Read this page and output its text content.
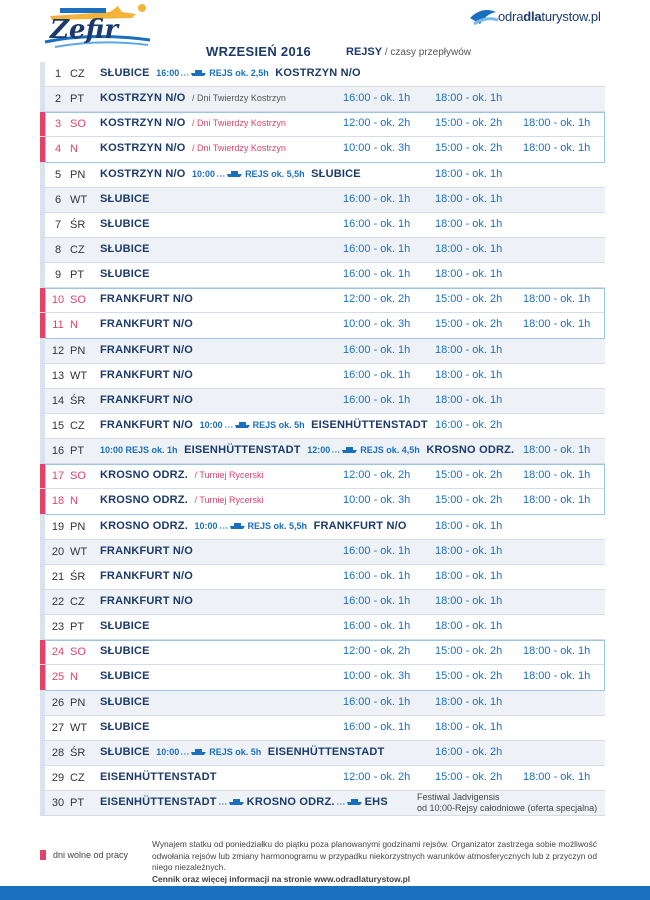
Zefir	odradlaturystow.pl
WRZESIEŃ 2016	REJSY / czasy przepływów
1 CZ	SŁUBICE 16:00	REJS ok. 2,5h KOSTRZYN N/O
2 PT	KOSTRZYN N/O / Dni Twierdzy Kostrzyn	16:00 - ok. 1h 18:00 - ok. 1h
3 SO	KOSTRZYN N/O / Dni Twierdzy Kostrzyn	12:00 - ok. 2h 15:00 - ok. 2h 18:00 - ok. 1h
4 N	KOSTRZYN N/O / Dni Twierdzy Kostrzyn	10:00 - ok. 3h 15:00 - ok. 2h 18:00 - ok. 1h
5 PN	KOSTRZYN N/O 10:00	REJS ok. 5,5h SŁUBICE	18:00 - ok. 1h
6 WT	SŁUBICE	16:00 - ok. 1h 18:00 - ok. 1h
7 ŚR	SŁUBICE	16:00 - ok. 1h 18:00 - ok. 1h
8 CZ	SŁUBICE	16:00 - ok. 1h 18:00 - ok. 1h
9 PT	SŁUBICE	16:00 - ok. 1h 18:00 - ok. 1h
10 SO	FRANKFURT N/O	12:00 - ok. 2h 15:00 - ok. 2h 18:00 - ok. 1h
11 N	FRANKFURT N/O	10:00 - ok. 3h 15:00 - ok. 2h 18:00 - ok. 1h
12 PN	FRANKFURT N/O	16:00 - ok. 1h 18:00 - ok. 1h
13 WT	FRANKFURT N/O	16:00 - ok. 1h 18:00 - ok. 1h
14 ŚR	FRANKFURT N/O	16:00 - ok. 1h 18:00 - ok. 1h
15 CZ	FRANKFURT N/O 10:00	REJS ok. 5h EISENHÜTTENSTADT 16:00 - ok. 2h
16 PT	10:00 REJS ok. 1h EISENHÜTTENSTADT 12:00	REJS ok. 4,5h KROSNO ODRZ. 18:00 - ok. 1h
17 SO	KROSNO ODRZ. / Turniej Rycerski	12:00 - ok. 2h 15:00 - ok. 2h 18:00 - ok. 1h
18 N	KROSNO ODRZ. / Turniej Rycerski	10:00 - ok. 3h 15:00 - ok. 2h 18:00 - ok. 1h
19 PN	KROSNO ODRZ. 10:00	REJS ok. 5,5h FRANKFURT N/O	18:00 - ok. 1h
20 WT	FRANKFURT N/O	16:00 - ok. 1h 18:00 - ok. 1h
21 ŚR	FRANKFURT N/O	16:00 - ok. 1h 18:00 - ok. 1h
22 CZ	FRANKFURT N/O	16:00 - ok. 1h 18:00 - ok. 1h
23 PT	SŁUBICE	16:00 - ok. 1h 18:00 - ok. 1h
24 SO	SŁUBICE	12:00 - ok. 2h 15:00 - ok. 2h 18:00 - ok. 1h
25 N	SŁUBICE	10:00 - ok. 3h 15:00 - ok. 2h 18:00 - ok. 1h
26 PN	SŁUBICE	16:00 - ok. 1h 18:00 - ok. 1h
27 WT	SŁUBICE	16:00 - ok. 1h 18:00 - ok. 1h
28 ŚR	SŁUBICE 10:00	REJS ok. 5h EISENHÜTTENSTADT	16:00 - ok. 2h
29 CZ	EISENHÜTTENSTADT	12:00 - ok. 2h 15:00 - ok. 2h 18:00 - ok. 1h
30 PT	EISENHÜTTENSTADT	KROSNO ODRZ.	EHS	Festiwal Jadvigensis
od 10:00-Rejsy całodniowe (oferta specjalna)
dni wolne od pracy
Wynajem statku od poniedziałku do piątku poza planowanymi godzinami rejsów. Organizator zastrzega sobie możliwość odwołania rejsów lub zmiany harmonogramu w przypadku niekorzystnych warunków atmosferycznych lub z przyczyn od niego niezależnych.
Cennik oraz więcej informacji na stronie www.odradlaturystow.pl
